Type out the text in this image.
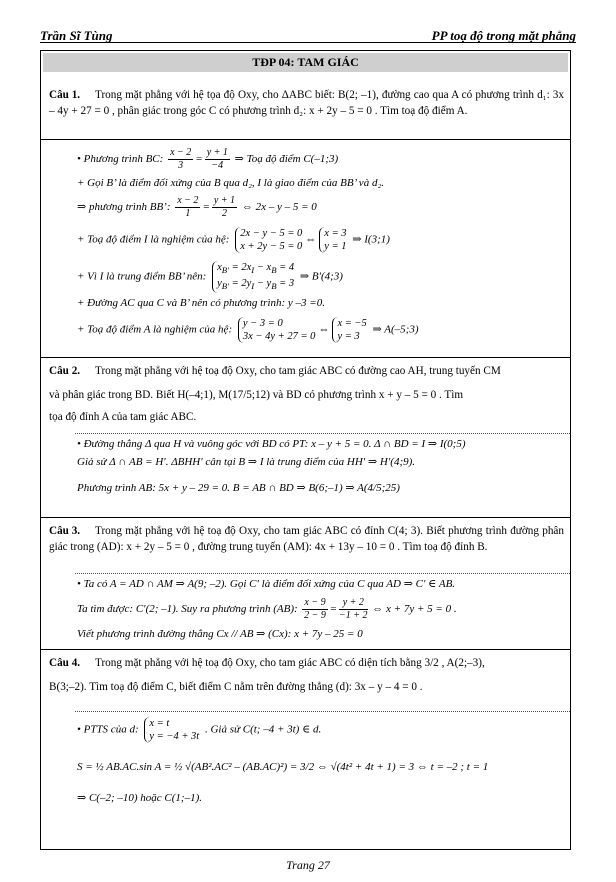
Trần Sĩ Tùng	PP toạ độ trong mặt phẳng
TĐP 04: TAM GIÁC
Câu 1. Trong mặt phẳng với hệ tọa độ Oxy, cho ΔABC biết: B(2; –1), đường cao qua A có phương trình d₁: 3x – 4y + 27 = 0 , phân giác trong góc C có phương trình d₂: x + 2y – 5 = 0 . Tìm toạ độ điểm A.
• Phương trình BC: $\frac{x - 2}{3} = \frac{y + 1}{-4}$ ⇒ Toạ độ điểm C(–1;3)
+ Gọi B’ là điểm đối xứng của B qua d₂, I là giao điểm của BB’ và d₂.
⇒ phương trình BB’: $\frac{x - 2}{1} = \frac{y + 1}{2}$ ⇔ 2x – y – 5 = 0
+ Toạ độ điểm I là nghiệm của hệ: 2x − y − 5 = 0
x + 2y − 5 = 0⇔x = 3
y = 1 ⇒ I(3;1)
+ Vì I là trung điểm BB’ nên: $x_{B'} = 2x_I - x_B = 4$
$y_{B'} = 2y_I - y_B = 3$ ⇒ B′(4;3)
+ Đường AC qua C và B’ nên có phương trình: y –3 =0.
+ Toạ độ điểm A là nghiệm của hệ: y − 3 = 0
3x − 4y + 27 = 0⇔x = −5
y = 3 ⇒ A(–5;3)
Câu 2. Trong mặt phẳng với hệ toạ độ Oxy, cho tam giác ABC có đường cao AH, trung tuyến CM
và phân giác trong BD. Biết H(–4;1), M(17/5;12) và BD có phương trình x + y – 5 = 0 . Tìm
tọa độ đỉnh A của tam giác ABC.
• Đường thẳng Δ qua H và vuông góc với BD có PT: x – y + 5 = 0. Δ ∩ BD = I ⇒ I(0;5)
Giả sử Δ ∩ AB = H′. ΔBHH′ cân tại B ⇒ I là trung điểm của HH′ ⇒ H′(4;9).
Phương trình AB: 5x + y – 29 = 0. B = AB ∩ BD ⇒ B(6;–1) ⇒ A(4/5;25)
Câu 3. Trong mặt phẳng với hệ toạ độ Oxy, cho tam giác ABC có đỉnh C(4; 3). Biết phương trình đường phân giác trong (AD): x + 2y – 5 = 0 , đường trung tuyến (AM): 4x + 13y – 10 = 0 . Tìm toạ độ đỉnh B.
• Ta có A = AD ∩ AM ⇒ A(9; –2). Gọi C′ là điểm đối xứng của C qua AD ⇒ C′ ∈ AB.
Ta tìm được: C′(2; –1). Suy ra phương trình (AB): $\frac{x - 9}{2 - 9} = \frac{y + 2}{-1 + 2}$ ⇔ x + 7y + 5 = 0 .
Viết phương trình đường thẳng Cx // AB ⇒ (Cx): x + 7y – 25 = 0
Câu 4. Trong mặt phẳng với hệ toạ độ Oxy, cho tam giác ABC có diện tích bằng 3/2 , A(2;–3),
B(3;–2). Tìm toạ độ điểm C, biết điểm C nằm trên đường thẳng (d): 3x – y – 4 = 0 .
• PTTS của d: x = t
y = −4 + 3t . Giả sử C(t; –4 + 3t) ∈ d.
S = ½ AB.AC.sin A = ½ √(AB².AC² – (AB.AC)²) = 3/2 ⇔ √(4t² + 4t + 1) = 3 ⇔ t = –2 ; t = 1
⇒ C(–2; –10) hoặc C(1;–1).
Trang 27
